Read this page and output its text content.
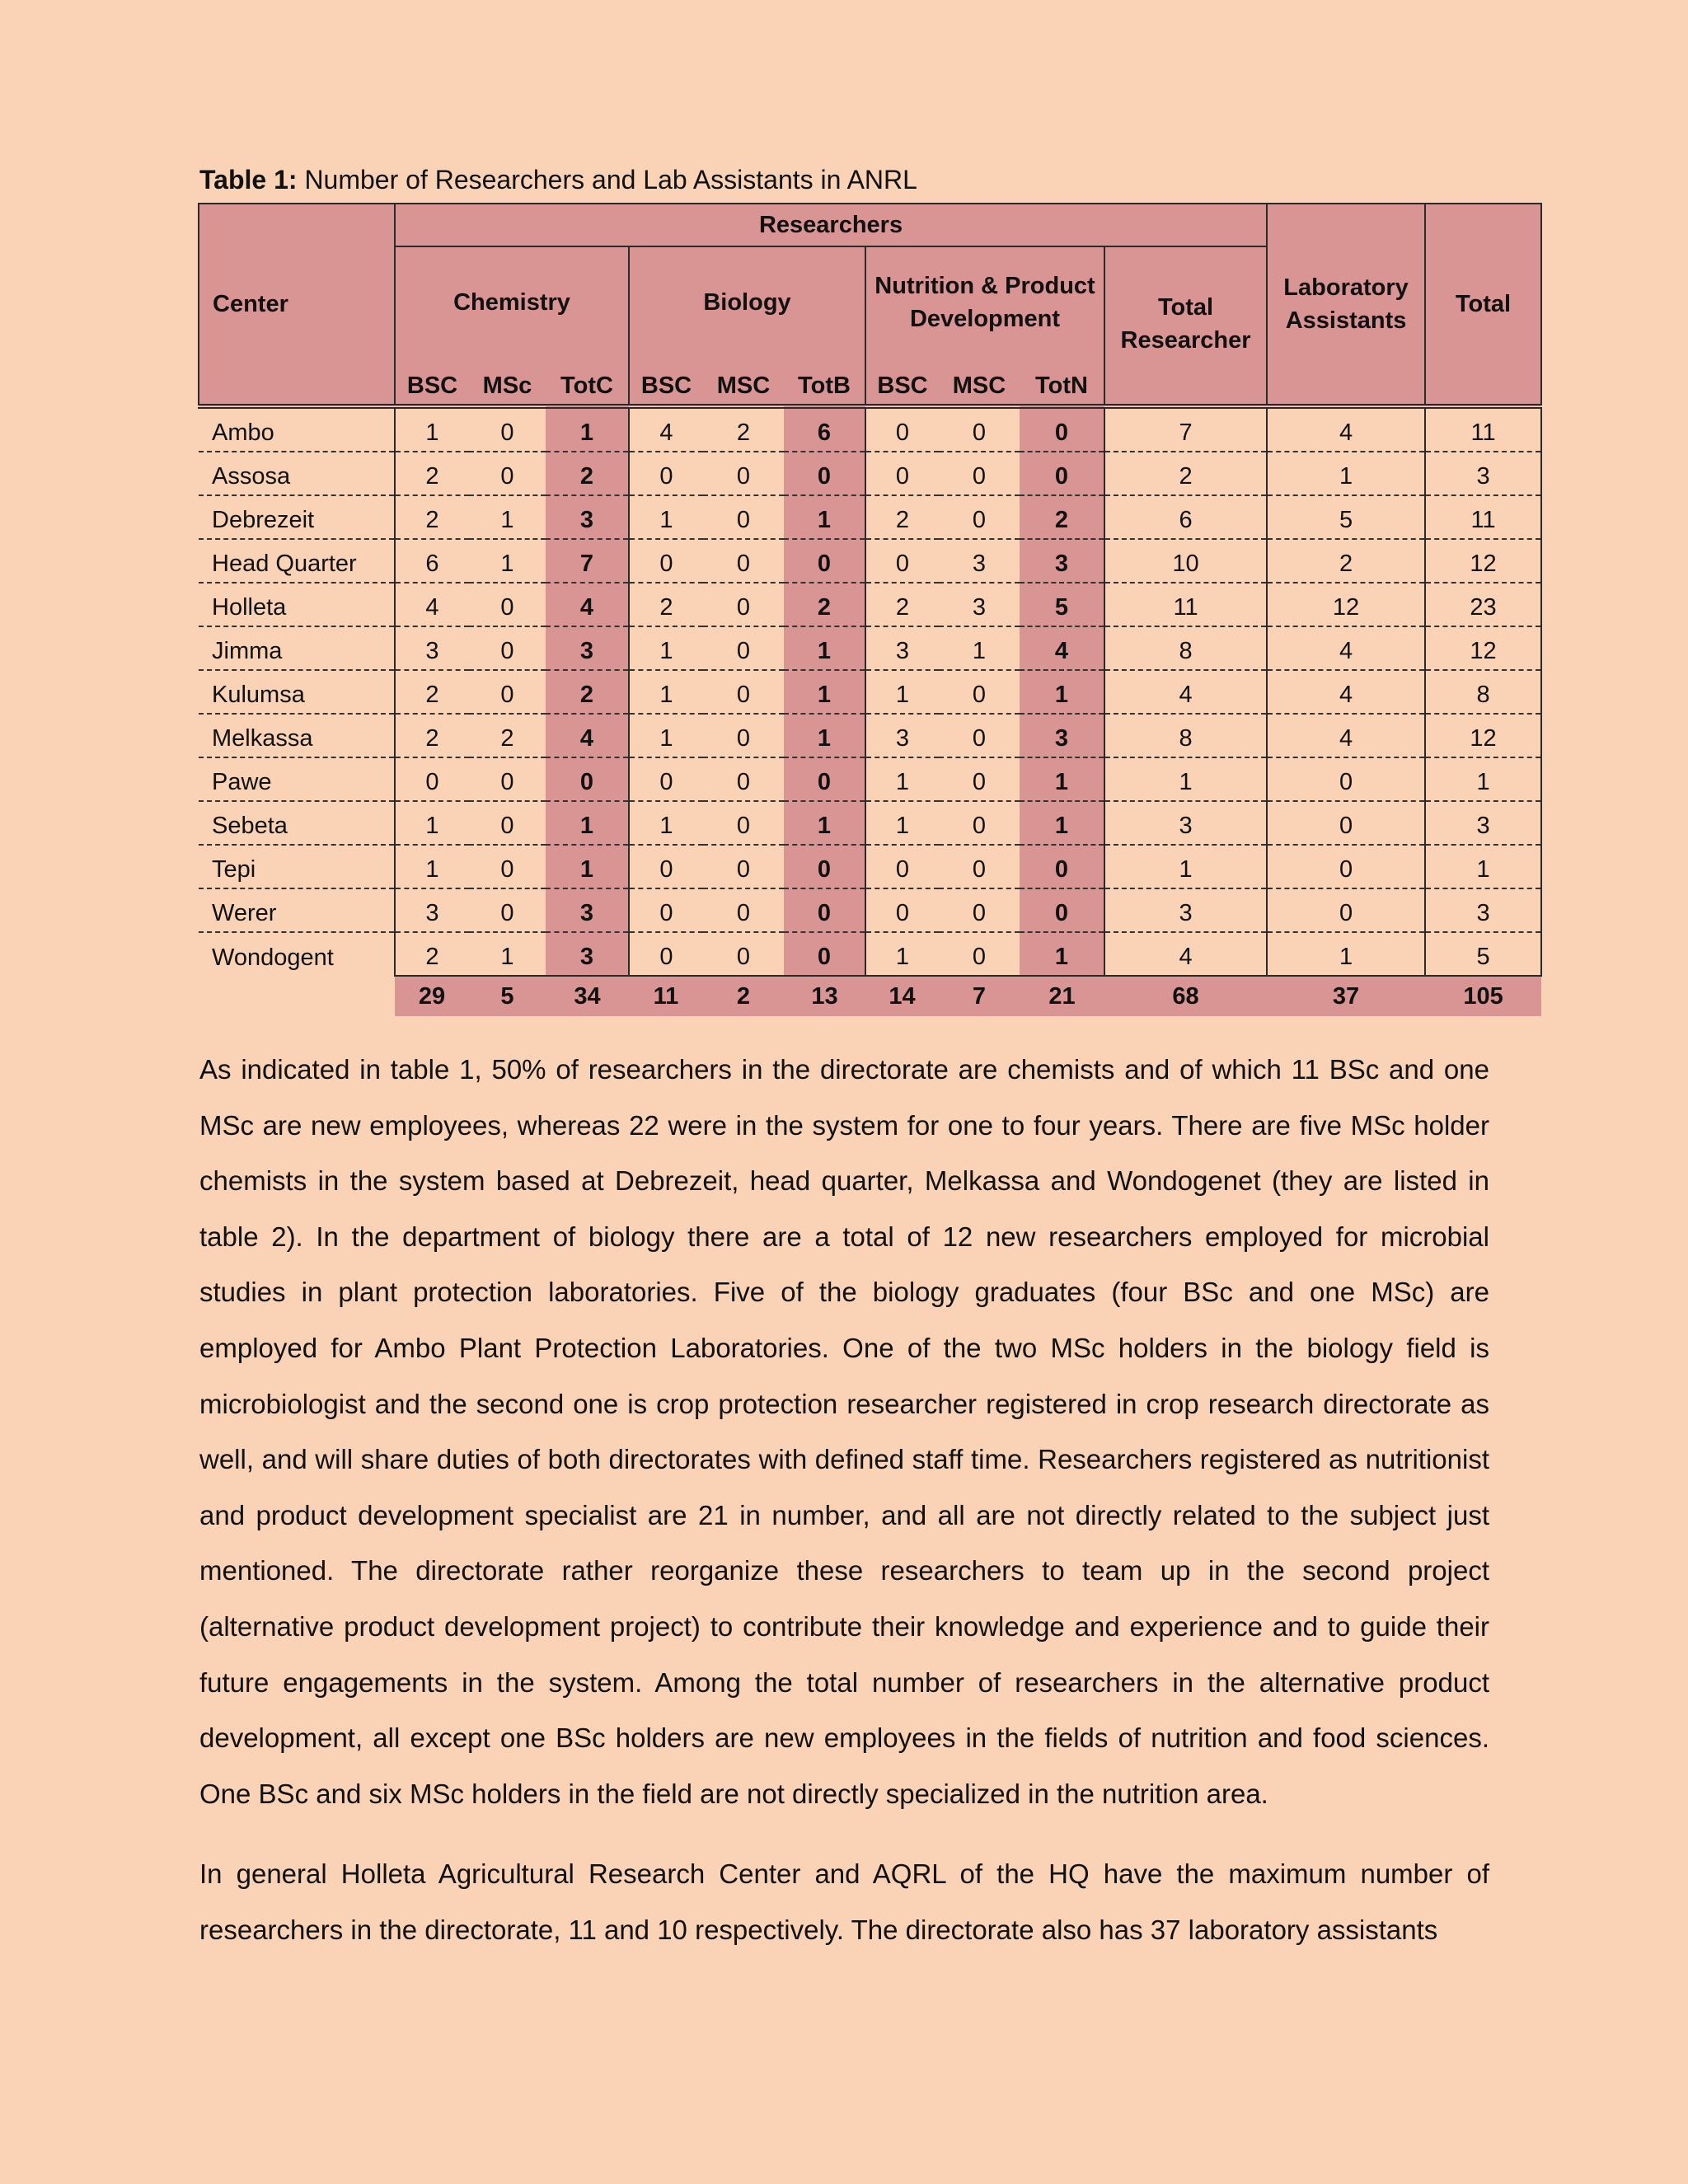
Table 1: Number of Researchers and Lab Assistants in ANRL
Center	Researchers										Laboratory Assistants	Total
	Chemistry			Biology			Nutrition & Product Development			Total Researcher		
	BSC	MSc	TotC	BSC	MSC	TotB	BSC	MSC	TotN			
Ambo	1	0	1	4	2	6	0	0	0	7	4	11
Assosa	2	0	2	0	0	0	0	0	0	2	1	3
Debrezeit	2	1	3	1	0	1	2	0	2	6	5	11
Head Quarter	6	1	7	0	0	0	0	3	3	10	2	12
Holleta	4	0	4	2	0	2	2	3	5	11	12	23
Jimma	3	0	3	1	0	1	3	1	4	8	4	12
Kulumsa	2	0	2	1	0	1	1	0	1	4	4	8
Melkassa	2	2	4	1	0	1	3	0	3	8	4	12
Pawe	0	0	0	0	0	0	1	0	1	1	0	1
Sebeta	1	0	1	1	0	1	1	0	1	3	0	3
Tepi	1	0	1	0	0	0	0	0	0	1	0	1
Werer	3	0	3	0	0	0	0	0	0	3	0	3
Wondogent	2	1	3	0	0	0	1	0	1	4	1	5
	29	5	34	11	2	13	14	7	21	68	37	105

As indicated in table 1, 50% of researchers in the directorate are chemists and of which 11 BSc and one MSc are new employees, whereas 22 were in the system for one to four years. There are five MSc holder chemists in the system based at Debrezeit, head quarter, Melkassa and Wondogenet (they are listed in table 2). In the department of biology there are a total of 12 new researchers employed for microbial studies in plant protection laboratories. Five of the biology graduates (four BSc and one MSc) are employed for Ambo Plant Protection Laboratories. One of the two MSc holders in the biology field is microbiologist and the second one is crop protection researcher registered in crop research directorate as well, and will share duties of both directorates with defined staff time. Researchers registered as nutritionist and product development specialist are 21 in number, and all are not directly related to the subject just mentioned. The directorate rather reorganize these researchers to team up in the second project (alternative product development project) to contribute their knowledge and experience and to guide their future engagements in the system. Among the total number of researchers in the alternative product development, all except one BSc holders are new employees in the fields of nutrition and food sciences. One BSc and six MSc holders in the field are not directly specialized in the nutrition area.

In general Holleta Agricultural Research Center and AQRL of the HQ have the maximum number of researchers in the directorate, 11 and 10 respectively. The directorate also has 37 laboratory assistants
